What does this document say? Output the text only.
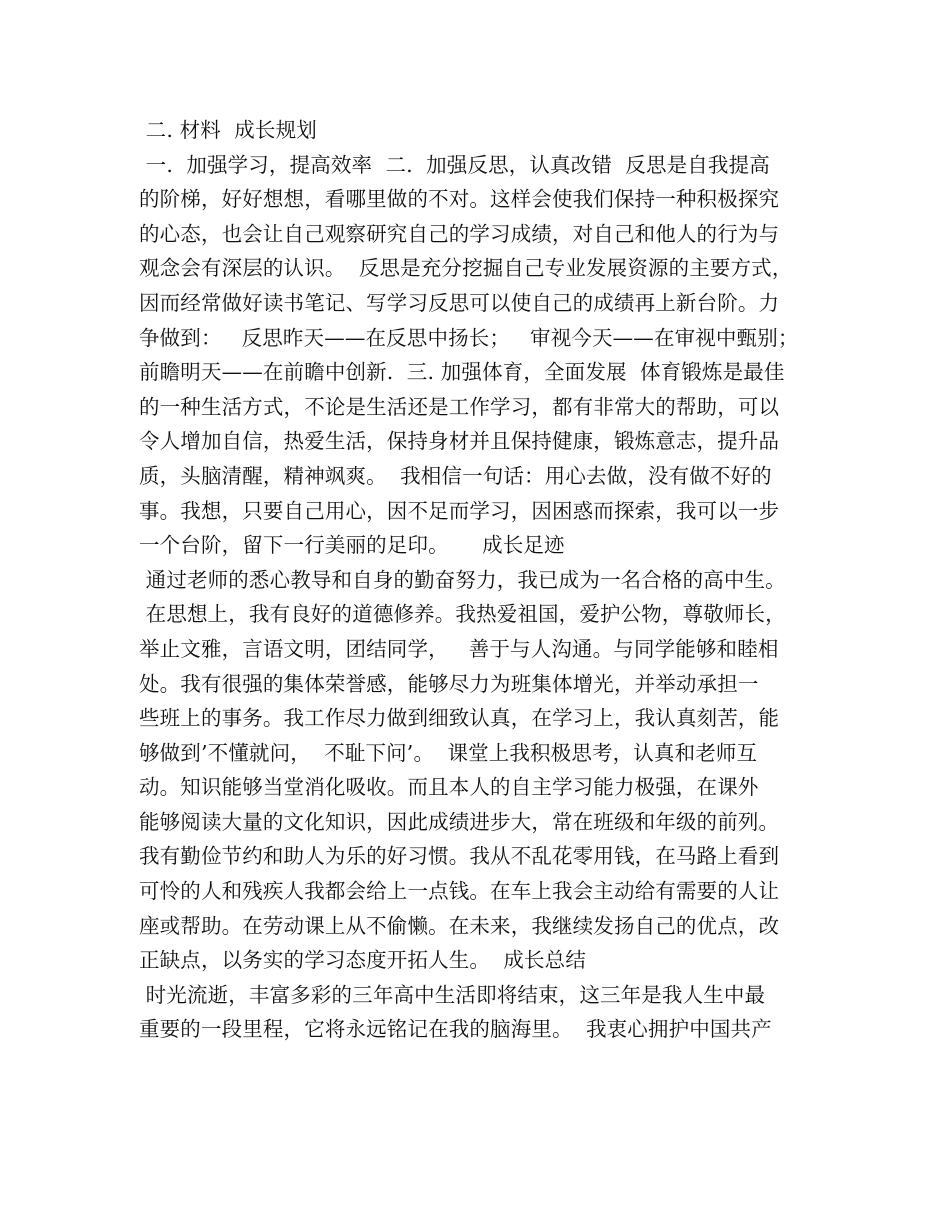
二. 材料  成长规划
一.  加强学习，提高效率  二.  加强反思，认真改错  反思是自我提高
的阶梯，好好想想，看哪里做的不对。这样会使我们保持一种积极探究
的心态，也会让自己观察研究自己的学习成绩，对自己和他人的行为与
观念会有深层的认识。  反思是充分挖掘自己专业发展资源的主要方式，
因而经常做好读书笔记、写学习反思可以使自己的成绩再上新台阶。力
争做到：   反思昨天——在反思中扬长；   审视今天——在审视中甄别；
前瞻明天——在前瞻中创新.  三. 加强体育，全面发展  体育锻炼是最佳
的一种生活方式，不论是生活还是工作学习，都有非常大的帮助，可以
令人增加自信，热爱生活，保持身材并且保持健康，锻炼意志，提升品
质，头脑清醒，精神飒爽。  我相信一句话：用心去做，没有做不好的
事。我想，只要自己用心，因不足而学习，因困惑而探索，我可以一步
一个台阶，留下一行美丽的足印。     成长足迹
通过老师的悉心教导和自身的勤奋努力，我已成为一名合格的高中生。
在思想上，我有良好的道德修养。我热爱祖国，爱护公物，尊敬师长，
举止文雅，言语文明，团结同学，   善于与人沟通。与同学能够和睦相
处。我有很强的集体荣誉感，能够尽力为班集体增光，并举动承担一
些班上的事务。我工作尽力做到细致认真，在学习上，我认真刻苦，能
够做到’不懂就问，  不耻下问’。  课堂上我积极思考，认真和老师互
动。知识能够当堂消化吸收。而且本人的自主学习能力极强，在课外
能够阅读大量的文化知识，因此成绩进步大，常在班级和年级的前列。
我有勤俭节约和助人为乐的好习惯。我从不乱花零用钱，在马路上看到
可怜的人和残疾人我都会给上一点钱。在车上我会主动给有需要的人让
座或帮助。在劳动课上从不偷懒。在未来，我继续发扬自己的优点，改
正缺点，以务实的学习态度开拓人生。  成长总结
时光流逝，丰富多彩的三年高中生活即将结束，这三年是我人生中最
重要的一段里程，它将永远铭记在我的脑海里。  我衷心拥护中国共产
